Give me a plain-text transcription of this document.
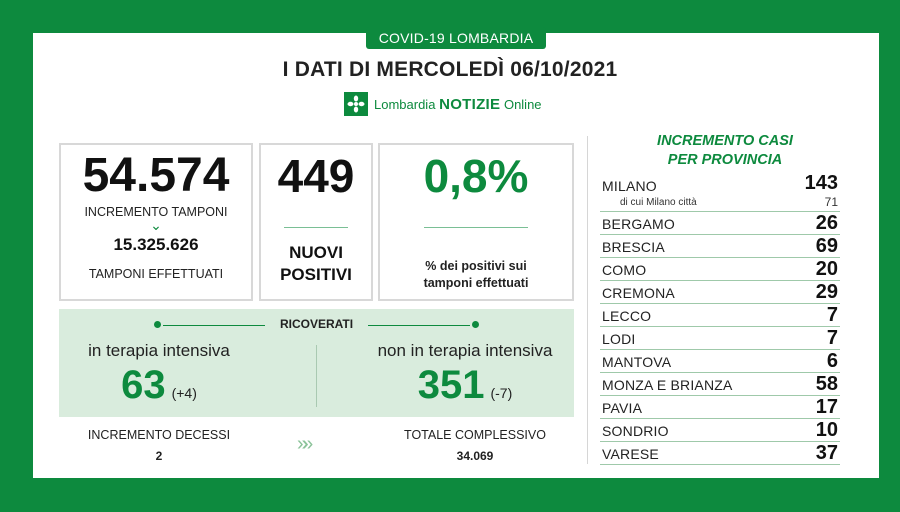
COVID-19 LOMBARDIA
I DATI DI MERCOLEDÌ 06/10/2021
Lombardia NOTIZIE Online
54.574
INCREMENTO TAMPONI
⌄
15.325.626
TAMPONI EFFETTUATI
449
NUOVI
POSITIVI
0,8%
% dei positivi sui
tamponi effettuati
RICOVERATI
in terapia intensiva
63 (+4)
non in terapia intensiva
351 (-7)
INCREMENTO DECESSI
2
»»	TOTALE COMPLESSIVO
34.069
INCREMENTO CASI
PER PROVINCIA
MILANO	143
di cui Milano città	71
BERGAMO	26
BRESCIA	69
COMO	20
CREMONA	29
LECCO	7
LODI	7
MANTOVA	6
MONZA E BRIANZA	58
PAVIA	17
SONDRIO	10
VARESE	37
